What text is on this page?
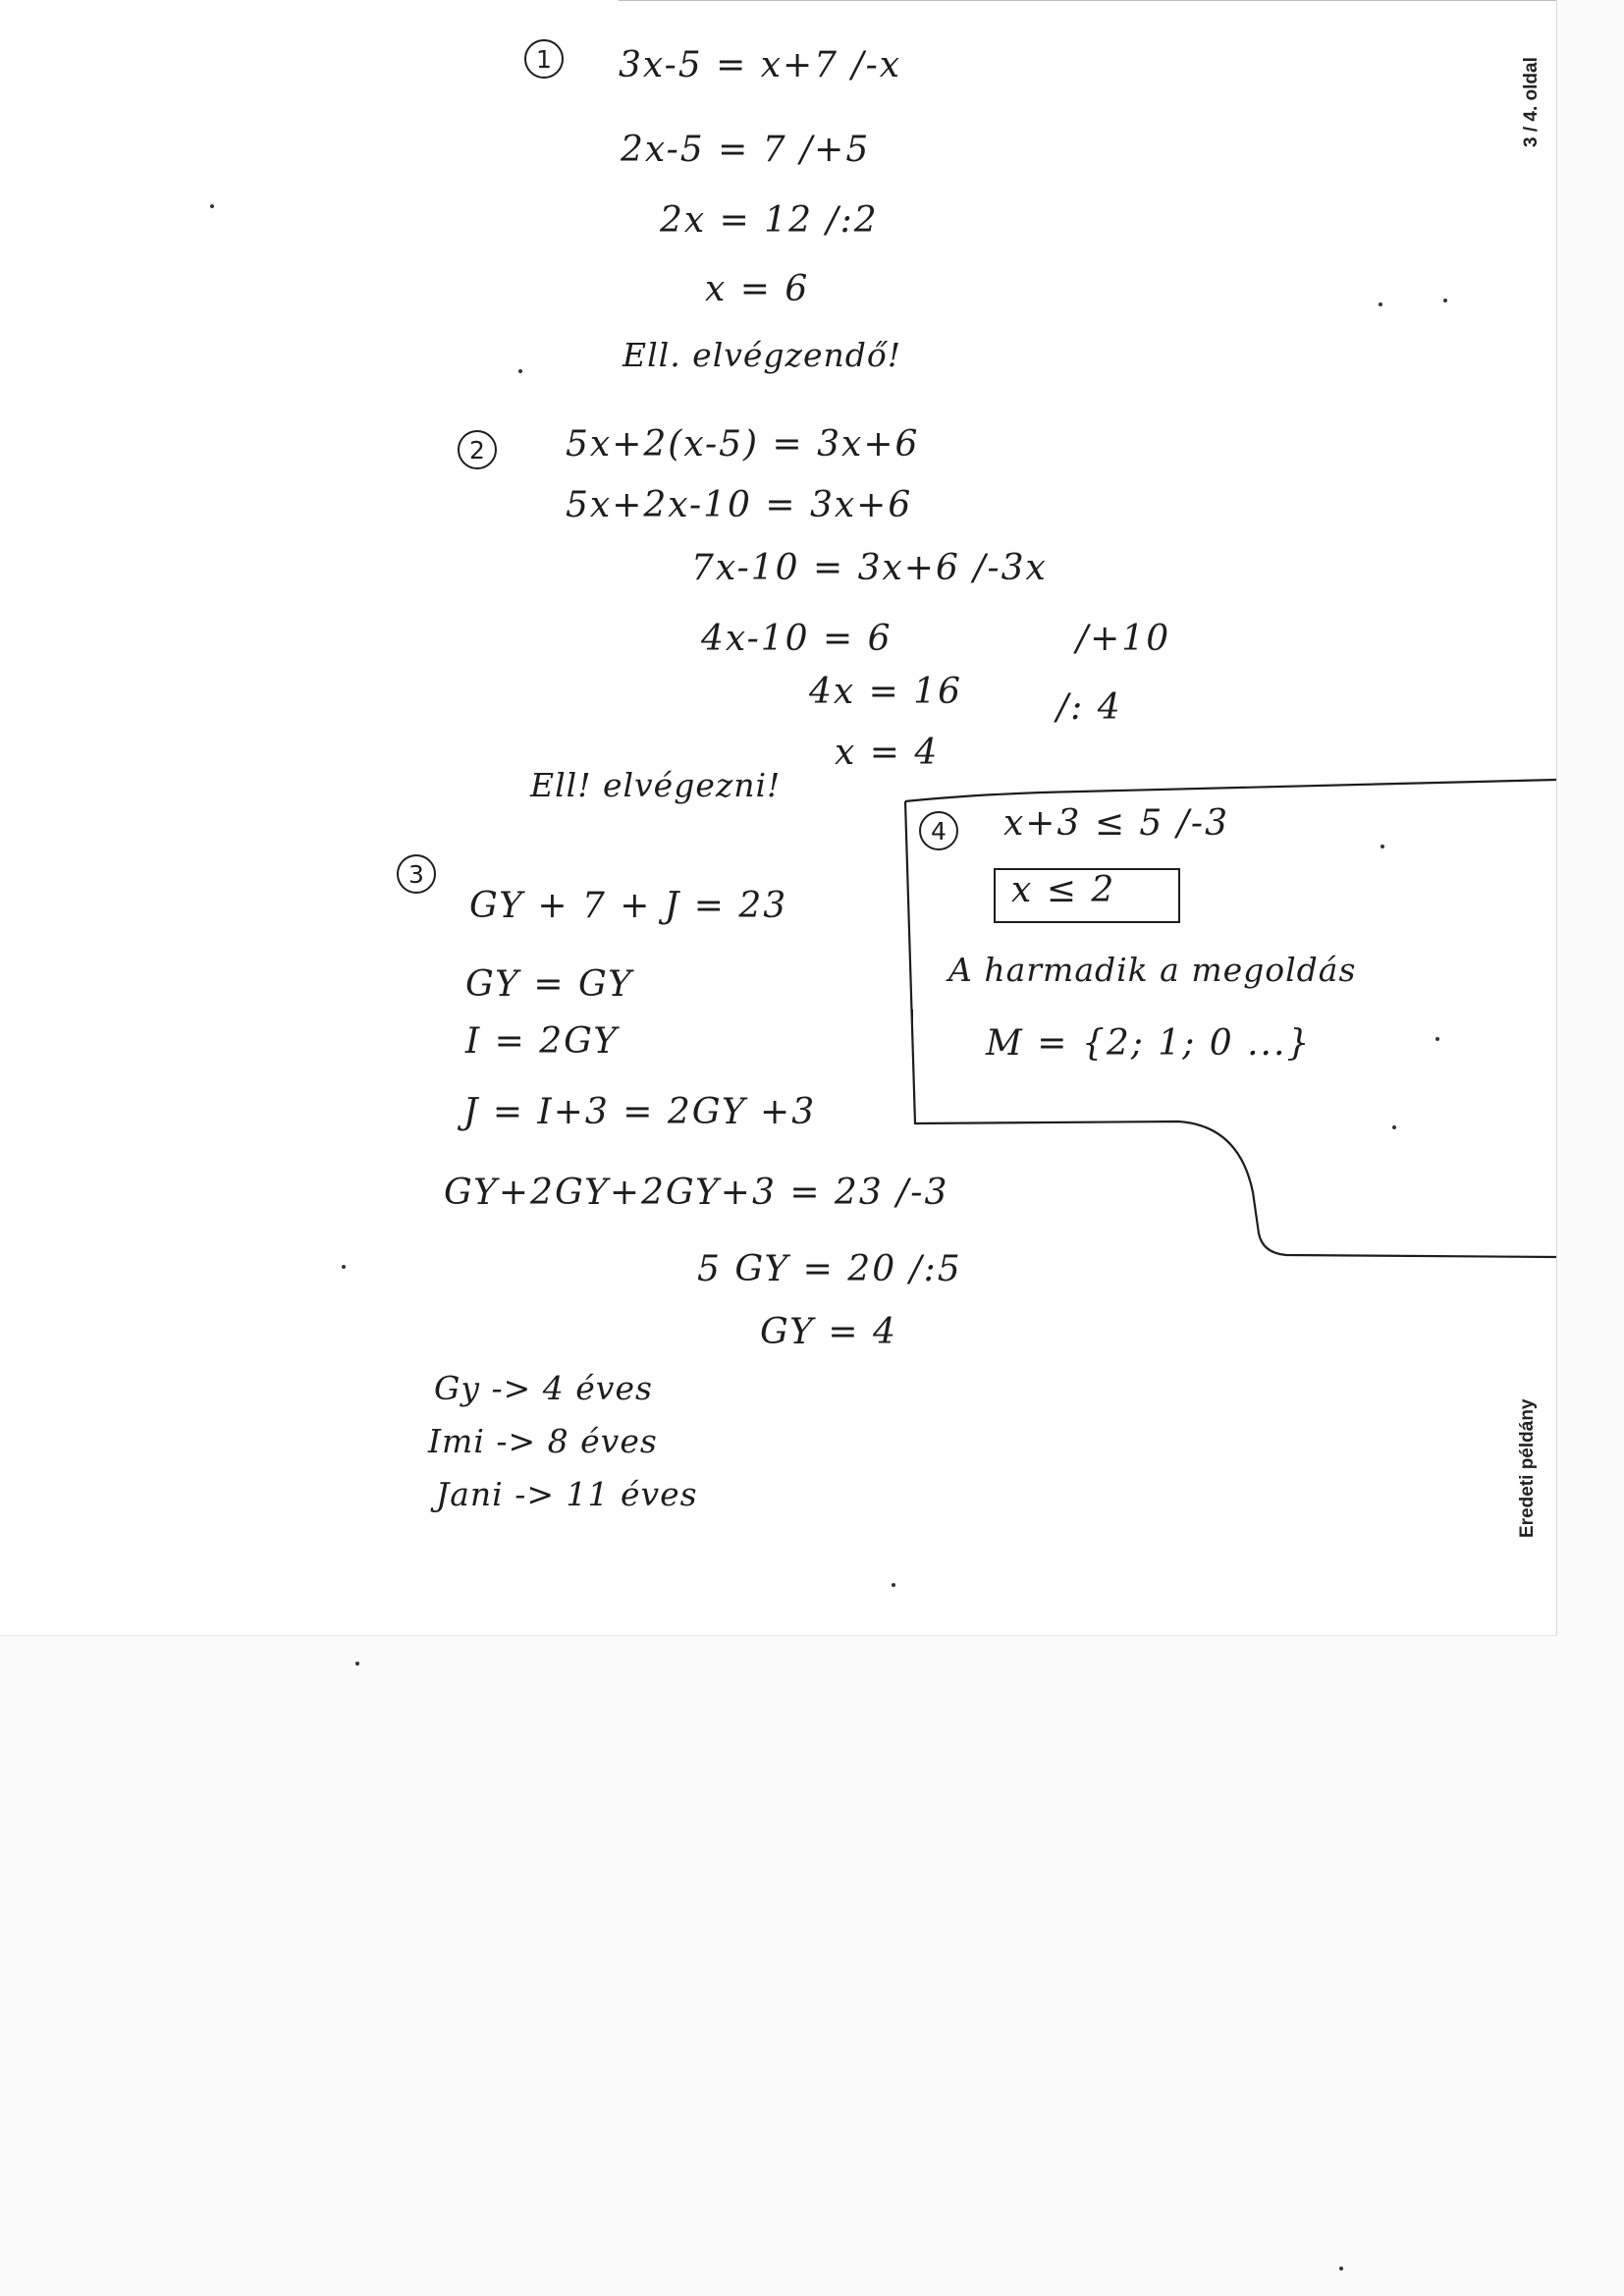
3 / 4. oldal
Eredeti példány
1	3x-5 = x+7 /-x
2x-5 = 7 /+5
2x = 12 /:2
x = 6
Ell. elvégzendő!
2	5x+2(x-5) = 3x+6
5x+2x-10 = 3x+6
7x-10 = 3x+6 /-3x
4x-10 = 6	/+10
4x = 16	/: 4
x = 4
Ell! elvégezni!
4	x+3 ≤ 5 /-3
x ≤ 2
A harmadik a megoldás
M = {2; 1; 0 ...}
3
GY + 7 + J = 23
GY = GY
I = 2GY
J = I+3 = 2GY +3
GY+2GY+2GY+3 = 23 /-3
5 GY = 20 /:5
GY = 4
Gy -> 4 éves
Imi -> 8 éves
Jani -> 11 éves
